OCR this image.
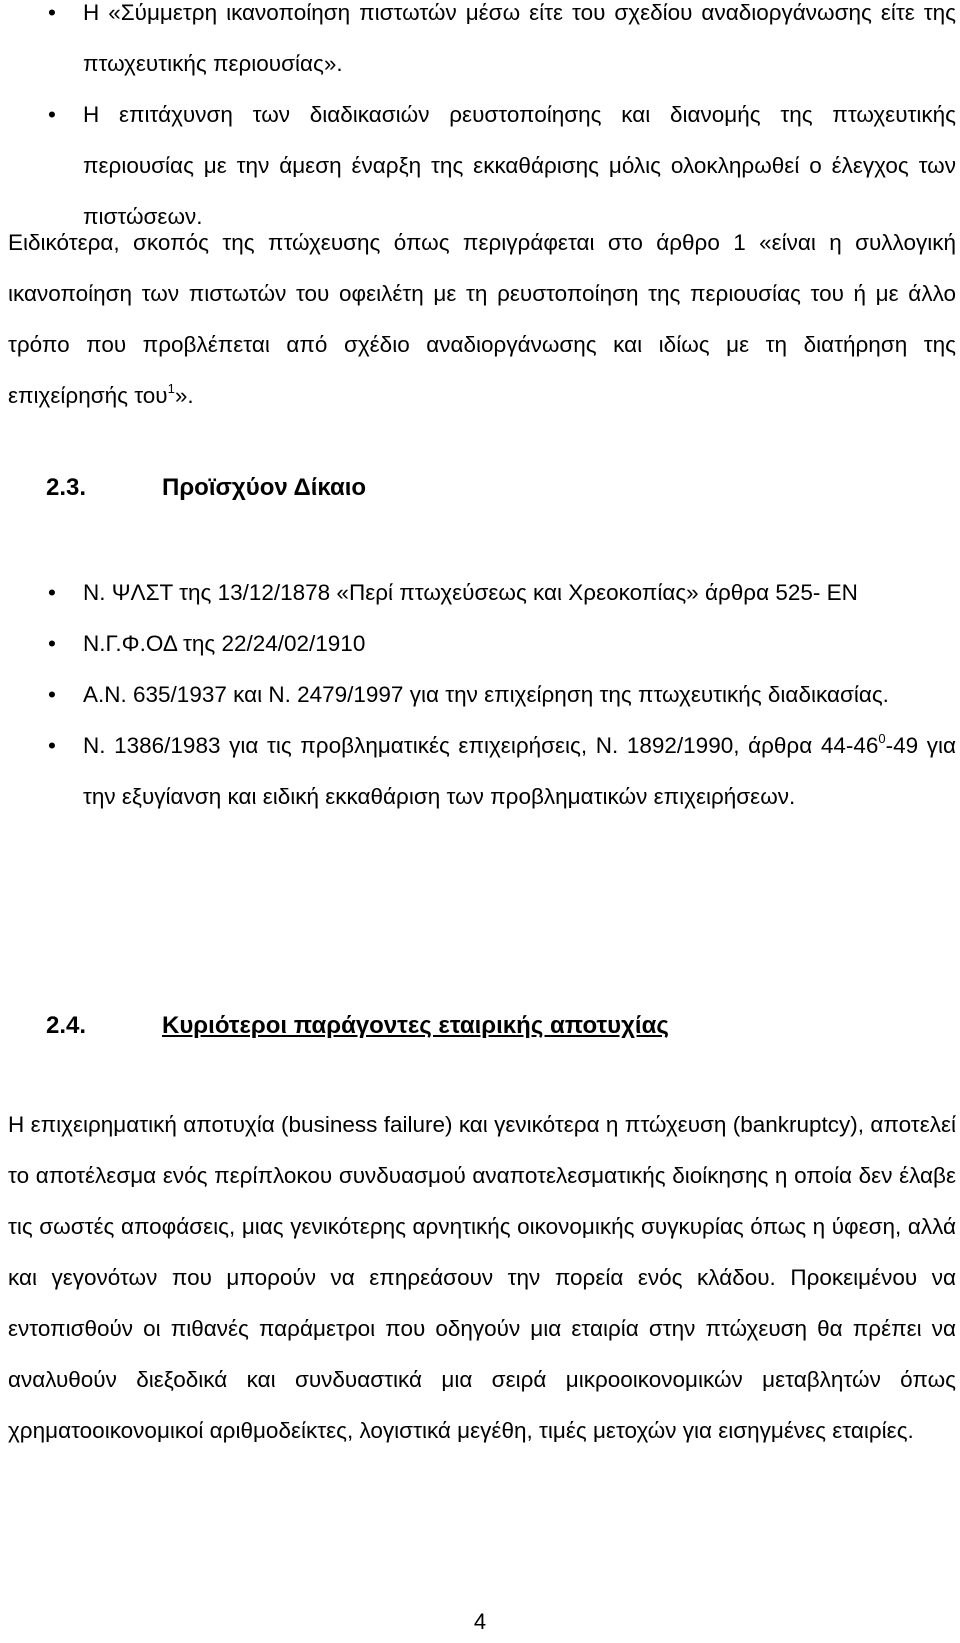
•	Η «Σύμμετρη ικανοποίηση πιστωτών μέσω είτε του σχεδίου αναδιοργάνωσης είτε της πτωχευτικής περιουσίας».
•	Η επιτάχυνση των διαδικασιών ρευστοποίησης και διανομής της πτωχευτικής περιουσίας με την άμεση έναρξη της εκκαθάρισης μόλις ολοκληρωθεί ο έλεγχος των πιστώσεων.
Ειδικότερα, σκοπός της πτώχευσης όπως περιγράφεται στο άρθρο 1 «είναι η συλλογική ικανοποίηση των πιστωτών του οφειλέτη με τη ρευστοποίηση της περιουσίας του ή με άλλο τρόπο που προβλέπεται από σχέδιο αναδιοργάνωσης και ιδίως με τη διατήρηση της επιχείρησής του$^1$».
2.3.	Προϊσχύον Δίκαιο
•	Ν. ΨΛΣΤ της 13/12/1878 «Περί πτωχεύσεως και Χρεοκοπίας» άρθρα 525- ΕΝ
•	Ν.Γ.Φ.ΟΔ της 22/24/02/1910
•	Α.Ν. 635/1937 και Ν. 2479/1997 για την επιχείρηση της πτωχευτικής διαδικασίας.
•	Ν. 1386/1983 για τις προβληματικές επιχειρήσεις, Ν. 1892/1990, άρθρα $44-46^0-49$ για την εξυγίανση και ειδική εκκαθάριση των προβληματικών επιχειρήσεων.
2.4.	Κυριότεροι παράγοντες εταιρικής αποτυχίας
Η επιχειρηματική αποτυχία (business failure) και γενικότερα η πτώχευση (bankruptcy), αποτελεί το αποτέλεσμα ενός περίπλοκου συνδυασμού αναποτελεσματικής διοίκησης η οποία δεν έλαβε τις σωστές αποφάσεις, μιας γενικότερης αρνητικής οικονομικής συγκυρίας όπως η ύφεση, αλλά και γεγονότων που μπορούν να επηρεάσουν την πορεία ενός κλάδου. Προκειμένου να εντοπισθούν οι πιθανές παράμετροι που οδηγούν μια εταιρία στην πτώχευση θα πρέπει να αναλυθούν διεξοδικά και συνδυαστικά μια σειρά μικροοικονομικών μεταβλητών όπως χρηματοοικονομικοί αριθμοδείκτες, λογιστικά μεγέθη, τιμές μετοχών για εισηγμένες εταιρίες.
4
